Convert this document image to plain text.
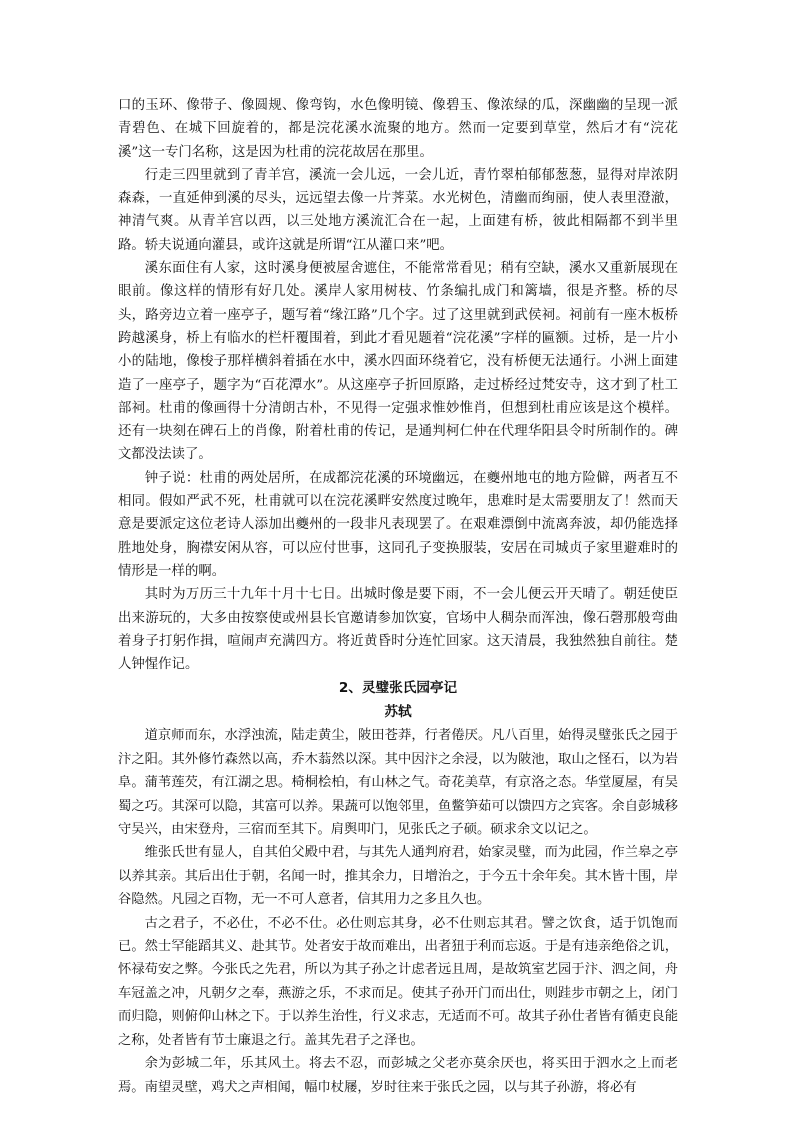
口的玉环、像带子、像圆规、像弯钩，水色像明镜、像碧玉、像浓绿的瓜，深幽幽的呈现一派青碧色、在城下回旋着的，都是浣花溪水流聚的地方。然而一定要到草堂，然后才有“浣花溪”这一专门名称，这是因为杜甫的浣花故居在那里。

行走三四里就到了青羊宫，溪流一会儿远，一会儿近，青竹翠柏郁郁葱葱，显得对岸浓阴森森，一直延伸到溪的尽头，远远望去像一片荠菜。水光树色，清幽而绚丽，使人表里澄澈，神清气爽。从青羊宫以西，以三处地方溪流汇合在一起，上面建有桥，彼此相隔都不到半里路。轿夫说通向灌县，或许这就是所谓“江从灌口来”吧。

溪东面住有人家，这时溪身便被屋舍遮住，不能常常看见；稍有空缺，溪水又重新展现在眼前。像这样的情形有好几处。溪岸人家用树枝、竹条编扎成门和篱墙，很是齐整。桥的尽头，路旁边立着一座亭子，题写着“缘江路”几个字。过了这里就到武侯祠。祠前有一座木板桥跨越溪身，桥上有临水的栏杆覆围着，到此才看见题着“浣花溪”字样的匾额。过桥，是一片小小的陆地，像梭子那样横斜着插在水中，溪水四面环绕着它，没有桥便无法通行。小洲上面建造了一座亭子，题字为“百花潭水”。从这座亭子折回原路，走过桥经过梵安寺，这才到了杜工部祠。杜甫的像画得十分清朗古朴，不见得一定强求惟妙惟肖，但想到杜甫应该是这个模样。还有一块刻在碑石上的肖像，附着杜甫的传记，是通判柯仁仲在代理华阳县令时所制作的。碑文都没法读了。

钟子说：杜甫的两处居所，在成都浣花溪的环境幽远，在夔州地屯的地方险僻，两者互不相同。假如严武不死，杜甫就可以在浣花溪畔安然度过晚年，患难时是太需要朋友了！然而天意是要派定这位老诗人添加出夔州的一段非凡表现罢了。在艰难漂倒中流离奔波，却仍能选择胜地处身，胸襟安闲从容，可以应付世事，这同孔子变换服装，安居在司城贞子家里避难时的情形是一样的啊。

其时为万历三十九年十月十七日。出城时像是要下雨，不一会儿便云开天晴了。朝廷使臣出来游玩的，大多由按察使或州县长官邀请参加饮宴，官场中人稠杂而浑浊，像石磬那般弯曲着身子打躬作揖，喧闹声充满四方。将近黄昏时分连忙回家。这天清晨，我独然独自前往。楚人钟惺作记。

2、灵璧张氏园亭记
苏轼

道京师而东，水浮浊流，陆走黄尘，陂田苍莽，行者倦厌。凡八百里，始得灵璧张氏之园于汴之阳。其外修竹森然以高，乔木蓊然以深。其中因汴之余浸，以为陂池，取山之怪石，以为岩阜。蒲苇莲芡，有江湖之思。椅桐桧柏，有山林之气。奇花美草，有京洛之态。华堂厦屋，有吴蜀之巧。其深可以隐，其富可以养。果蔬可以饱邻里，鱼鳖笋茹可以馈四方之宾客。余自彭城移守吴兴，由宋登舟，三宿而至其下。肩舆叩门，见张氏之子硕。硕求余文以记之。

维张氏世有显人，自其伯父殿中君，与其先人通判府君，始家灵璧，而为此园，作兰皋之亭以养其亲。其后出仕于朝，名闻一时，推其余力，日增治之，于今五十余年矣。其木皆十围，岸谷隐然。凡园之百物，无一不可人意者，信其用力之多且久也。

古之君子，不必仕，不必不仕。必仕则忘其身，必不仕则忘其君。譬之饮食，适于饥饱而已。然士罕能蹈其义、赴其节。处者安于故而难出，出者狃于利而忘返。于是有违亲绝俗之讥，怀禄苟安之弊。今张氏之先君，所以为其子孙之计虑者远且周，是故筑室艺园于汴、泗之间，舟车冠盖之冲，凡朝夕之奉，燕游之乐，不求而足。使其子孙开门而出仕，则跬步市朝之上，闭门而归隐，则俯仰山林之下。于以养生治性，行义求志，无适而不可。故其子孙仕者皆有循吏良能之称，处者皆有节士廉退之行。盖其先君子之泽也。

余为彭城二年，乐其风土。将去不忍，而彭城之父老亦莫余厌也，将买田于泗水之上而老焉。南望灵壁，鸡犬之声相闻，幅巾杖屦，岁时往来于张氏之园，以与其子孙游，将必有
